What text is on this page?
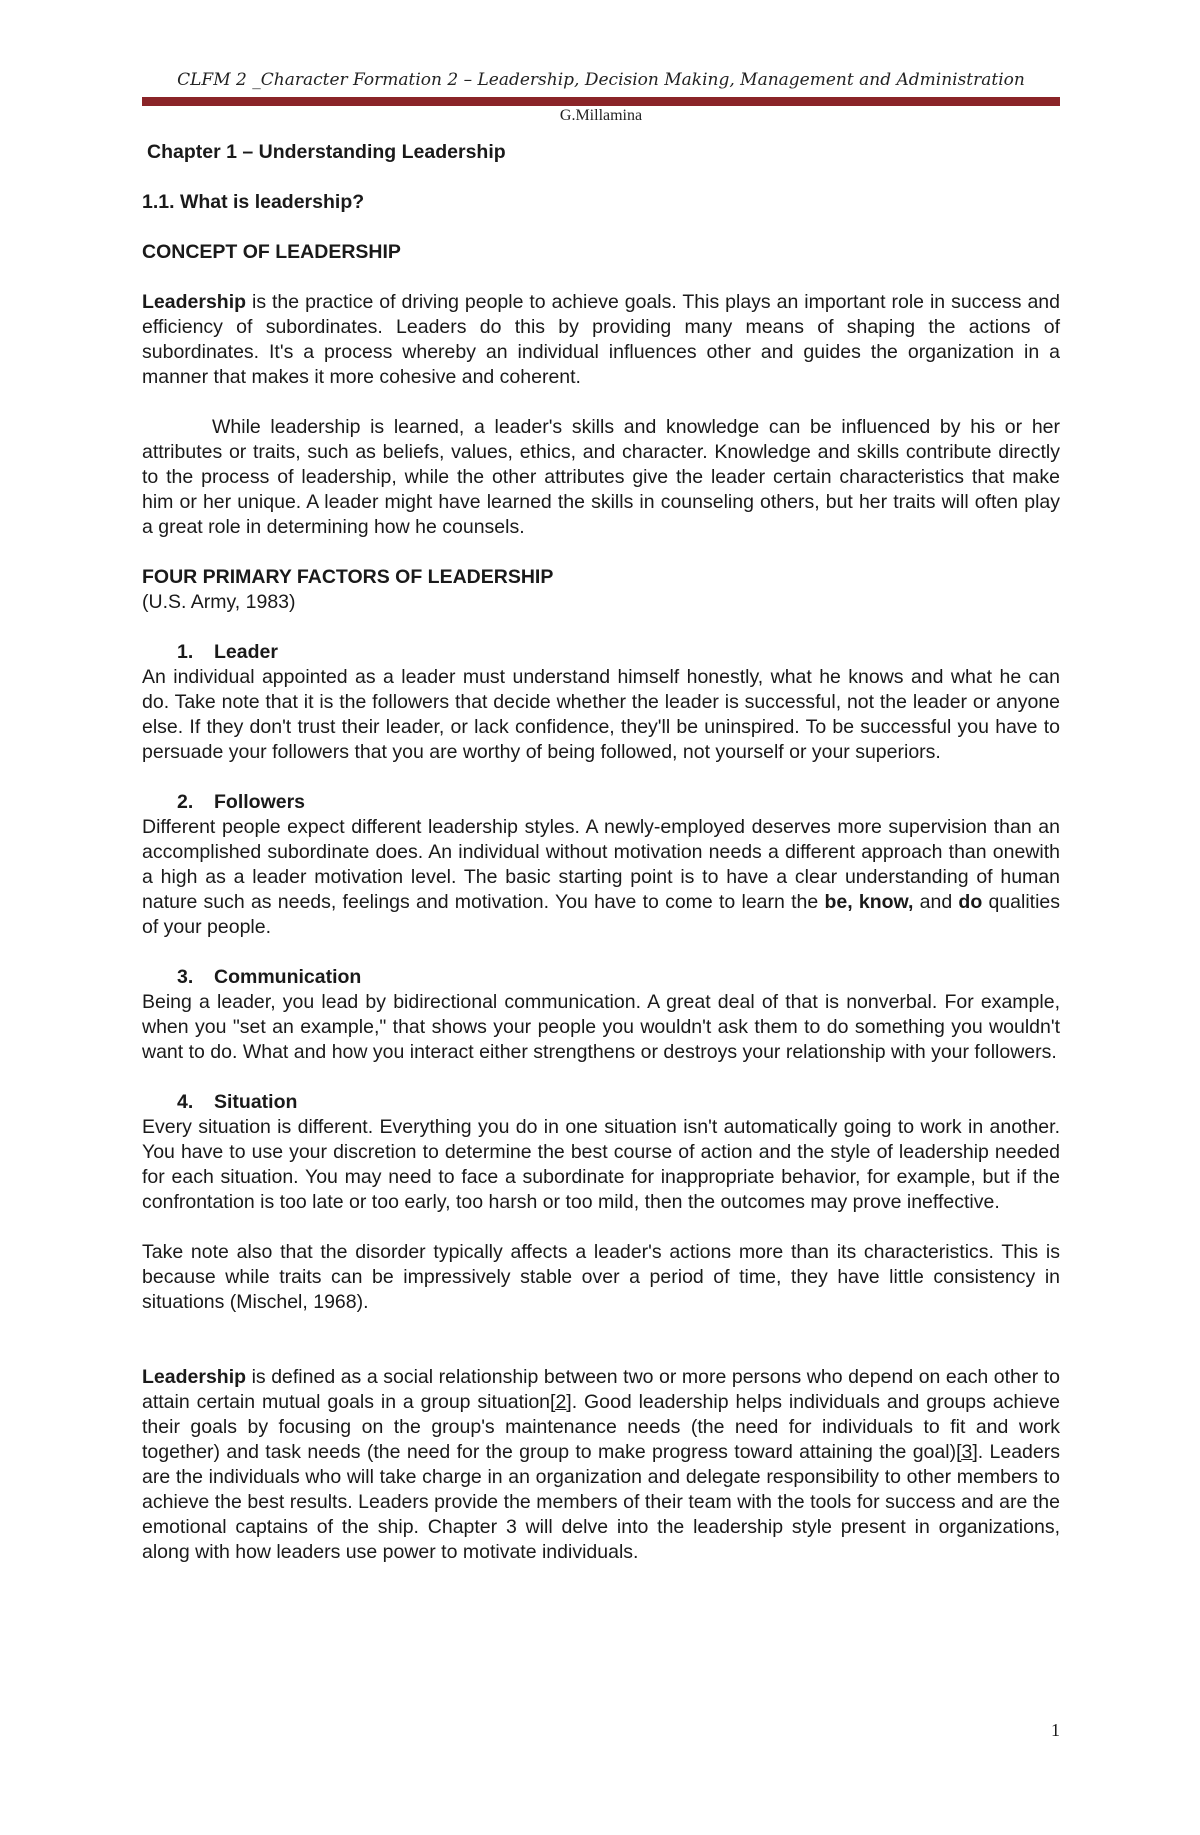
CLFM 2 _Character Formation 2 – Leadership, Decision Making, Management and Administration
G.Millamina

Chapter 1 – Understanding Leadership

1.1. What is leadership?

CONCEPT OF LEADERSHIP

Leadership is the practice of driving people to achieve goals. This plays an important role in success and efficiency of subordinates. Leaders do this by providing many means of shaping the actions of subordinates. It's a process whereby an individual influences other and guides the organization in a manner that makes it more cohesive and coherent.

While leadership is learned, a leader's skills and knowledge can be influenced by his or her attributes or traits, such as beliefs, values, ethics, and character. Knowledge and skills contribute directly to the process of leadership, while the other attributes give the leader certain characteristics that make him or her unique. A leader might have learned the skills in counseling others, but her traits will often play a great role in determining how he counsels.

FOUR PRIMARY FACTORS OF LEADERSHIP

(U.S. Army, 1983)

1. Leader

An individual appointed as a leader must understand himself honestly, what he knows and what he can do. Take note that it is the followers that decide whether the leader is successful, not the leader or anyone else. If they don't trust their leader, or lack confidence, they'll be uninspired. To be successful you have to persuade your followers that you are worthy of being followed, not yourself or your superiors.

2. Followers

Different people expect different leadership styles. A newly-employed deserves more supervision than an accomplished subordinate does. An individual without motivation needs a different approach than onewith a high as a leader motivation level. The basic starting point is to have a clear understanding of human nature such as needs, feelings and motivation. You have to come to learn the be, know, and do qualities of your people.

3. Communication

Being a leader, you lead by bidirectional communication. A great deal of that is nonverbal. For example, when you "set an example," that shows your people you wouldn't ask them to do something you wouldn't want to do. What and how you interact either strengthens or destroys your relationship with your followers.

4. Situation

Every situation is different. Everything you do in one situation isn't automatically going to work in another. You have to use your discretion to determine the best course of action and the style of leadership needed for each situation. You may need to face a subordinate for inappropriate behavior, for example, but if the confrontation is too late or too early, too harsh or too mild, then the outcomes may prove ineffective.

Take note also that the disorder typically affects a leader's actions more than its characteristics. This is because while traits can be impressively stable over a period of time, they have little consistency in situations (Mischel, 1968).

Leadership is defined as a social relationship between two or more persons who depend on each other to attain certain mutual goals in a group situation[2]. Good leadership helps individuals and groups achieve their goals by focusing on the group's maintenance needs (the need for individuals to fit and work together) and task needs (the need for the group to make progress toward attaining the goal)[3]. Leaders are the individuals who will take charge in an organization and delegate responsibility to other members to achieve the best results. Leaders provide the members of their team with the tools for success and are the emotional captains of the ship. Chapter 3 will delve into the leadership style present in organizations, along with how leaders use power to motivate individuals.

1
